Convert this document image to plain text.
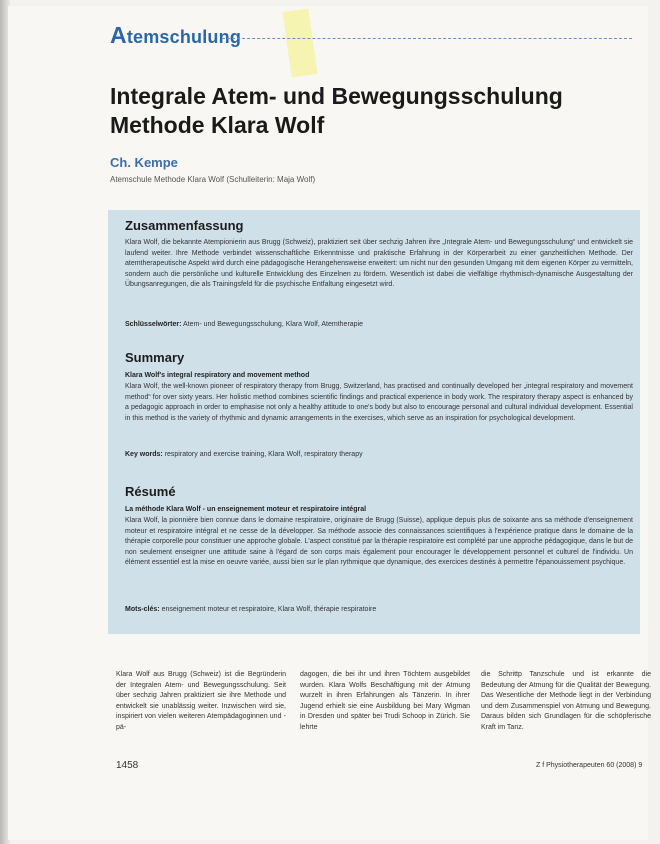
Atemschulung
Integrale Atem- und Bewegungsschulung Methode Klara Wolf
Ch. Kempe
Atemschule Methode Klara Wolf (Schulleiterin: Maja Wolf)
Zusammenfassung

Klara Wolf, die bekannte Atempionierin aus Brugg (Schweiz), praktiziert seit über sechzig Jahren ihre „Integrale Atem- und Bewegungsschulung“ und entwickelt sie laufend weiter. Ihre Methode verbindet wissenschaftliche Erkenntnisse und praktische Erfahrung in der Körperarbeit zu einer ganzheitlichen Methode. Der atemtherapeutische Aspekt wird durch eine pädagogische Herangehensweise erweitert: um nicht nur den gesunden Umgang mit dem eigenen Körper zu vermitteln, sondern auch die persönliche und kulturelle Entwicklung des Einzelnen zu fördern. Wesentlich ist dabei die vielfältige rhythmisch-dynamische Ausgestaltung der Übungsanregungen, die als Trainingsfeld für die psychische Entfaltung eingesetzt wird.

Schlüsselwörter: Atem- und Bewegungsschulung, Klara Wolf, Atemtherapie

Summary

Klara Wolf's integral respiratory and movement method

Klara Wolf, the well-known pioneer of respiratory therapy from Brugg, Switzerland, has practised and continually developed her „integral respiratory and movement method“ for over sixty years. Her holistic method combines scientific findings and practical experience in body work. The respiratory therapy aspect is enhanced by a pedagogic approach in order to emphasise not only a healthy attitude to one's body but also to encourage personal and cultural individual development. Essential in this method is the variety of rhythmic and dynamic arrangements in the exercises, which serve as an inspiration for psychological development.

Key words: respiratory and exercise training, Klara Wolf, respiratory therapy

Résumé

La méthode Klara Wolf - un enseignement moteur et respiratoire intégral

Klara Wolf, la pionnière bien connue dans le domaine respiratoire, originaire de Brugg (Suisse), applique depuis plus de soixante ans sa méthode d'enseignement moteur et respiratoire intégral et ne cesse de la développer. Sa méthode associe des connaissances scientifiques à l'expérience pratique dans le domaine de la thérapie corporelle pour constituer une approche globale. L'aspect constitué par la thérapie respiratoire est complété par une approche pédagogique, dans le but de non seulement enseigner une attitude saine à l'égard de son corps mais également pour encourager le développement personnel et culturel de l'individu. Un élément essentiel est la mise en oeuvre variée, aussi bien sur le plan rythmique que dynamique, des exercices destinés à permettre l'épanouissement psychique.

Mots-clés: enseignement moteur et respiratoire, Klara Wolf, thérapie respiratoire

Klara Wolf aus Brugg (Schweiz) ist die Begründerin der Integralen Atem- und Bewegungsschulung. Seit über sechzig Jahren praktiziert sie ihre Methode und entwickelt sie unablässig weiter. Inzwischen wird sie, inspiriert von vielen weiteren Atempädagoginnen und -pä-

dagogen, die bei ihr und ihren Töchtern ausgebildet wurden. Klara Wolfs Beschäftigung mit der Atmung wurzelt in ihren Erfahrungen als Tänzerin. In ihrer Jugend erhielt sie eine Ausbildung bei Mary Wigman in Dresden und später bei Trudi Schoop in Zürich. Sie lehrte

die Schrittp Tanzschule und ist erkannte die Bedeutung der Atmung für die Qualität der Bewegung. Das Wesentliche der Methode liegt in der Verbindung und dem Zusammenspiel von Atmung und Bewegung. Daraus bilden sich Grundlagen für die schöpferische Kraft im Tanz.

1458	Z f Physiotherapeuten 60 (2008) 9
